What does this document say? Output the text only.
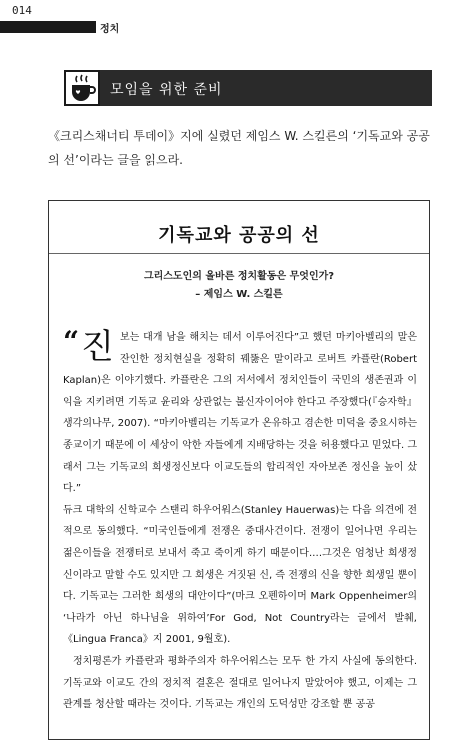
014
정치
모임을 위한 준비
《크리스채너티 투데이》지에 실렸던 제임스 W. 스킬른의 ‘기독교와 공공의 선’이라는 글을 읽으라.
기독교와 공공의 선
그리스도인의 올바른 정치활동은 무엇인가?
– 제임스 W. 스킬른

“ 진 보는 대개 남을 해치는 데서 이루어진다”고 했던 마키아벨리의 말은 잔인한 정치현실을 정확히 꿰뚫은 말이라고 로버트 카플란(Robert Kaplan)은 이야기했다. 카플란은 그의 저서에서 정치인들이 국민의 생존권과 이익을 지키려면 기독교 윤리와 상관없는 불신자이어야 한다고 주장했다(『승자학』 생각의나무, 2007). “마키아벨리는 기독교가 온유하고 겸손한 미덕을 중요시하는 종교이기 때문에 이 세상이 악한 자들에게 지배당하는 것을 허용했다고 믿었다. 그래서 그는 기독교의 희생정신보다 이교도들의 합리적인 자아보존 정신을 높이 샀다.”

듀크 대학의 신학교수 스탠리 하우어워스(Stanley Hauerwas)는 다음 의견에 전적으로 동의했다. “미국인들에게 전쟁은 중대사건이다. 전쟁이 일어나면 우리는 젊은이들을 전쟁터로 보내서 죽고 죽이게 하기 때문이다.…그것은 엄청난 희생정신이라고 말할 수도 있지만 그 희생은 거짓된 신, 즉 전쟁의 신을 향한 희생일 뿐이다. 기독교는 그러한 희생의 대안이다”(마크 오펜하이머 Mark Oppenheimer의 ‘나라가 아닌 하나님을 위하여’For God, Not Country라는 글에서 발췌, 《Lingua Franca》지 2001, 9월호).

정치평론가 카플란과 평화주의자 하우어워스는 모두 한 가지 사실에 동의한다. 기독교와 이교도 간의 정치적 결혼은 절대로 일어나지 말았어야 했고, 이제는 그 관계를 청산할 때라는 것이다. 기독교는 개인의 도덕성만 강조할 뿐 공공
